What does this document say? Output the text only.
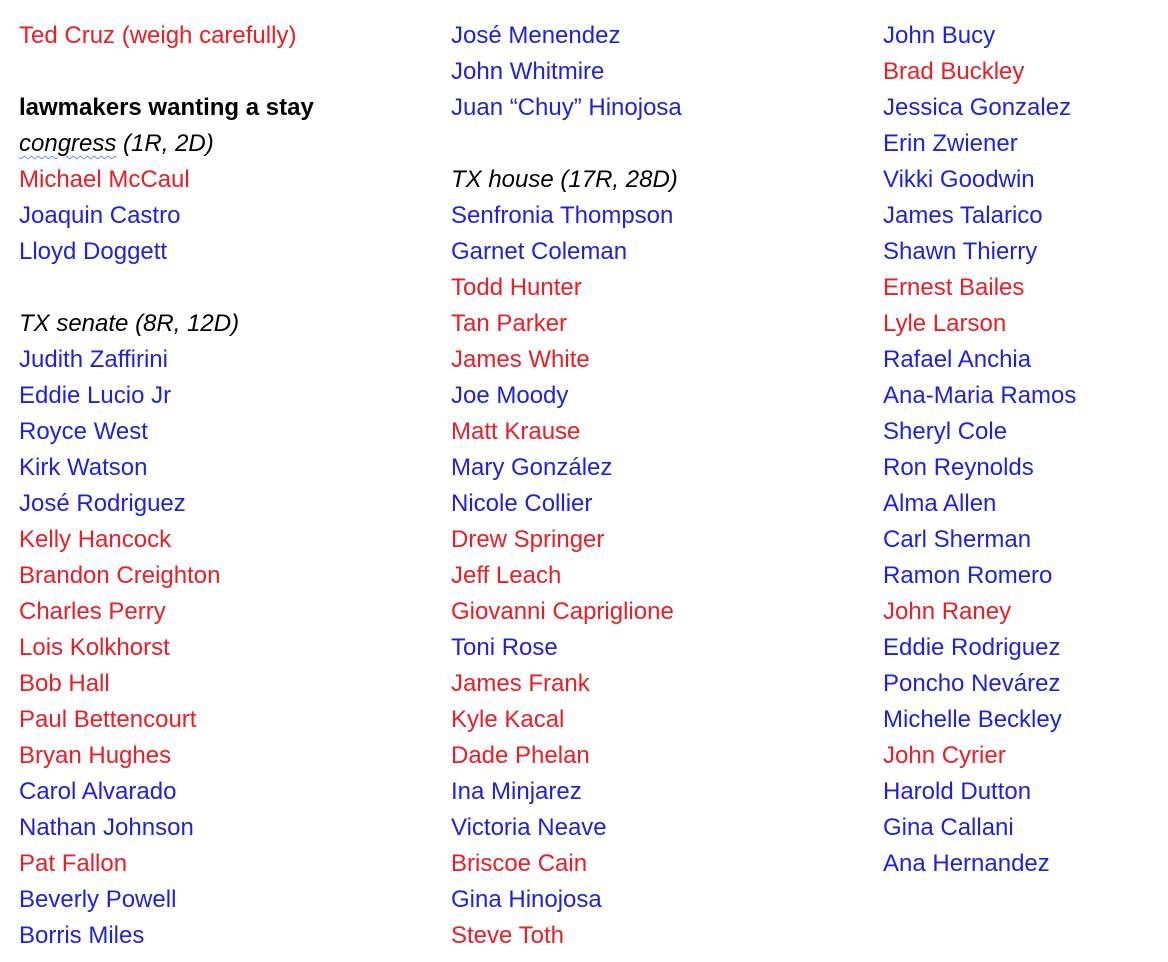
Ted Cruz (weigh carefully)
lawmakers wanting a stay
congress (1R, 2D)
Michael McCaul
Joaquin Castro
Lloyd Doggett
TX senate (8R, 12D)
Judith Zaffirini
Eddie Lucio Jr
Royce West
Kirk Watson
José Rodriguez
Kelly Hancock
Brandon Creighton
Charles Perry
Lois Kolkhorst
Bob Hall
Paul Bettencourt
Bryan Hughes
Carol Alvarado
Nathan Johnson
Pat Fallon
Beverly Powell
Borris Miles
José Menendez
John Whitmire
Juan “Chuy” Hinojosa
TX house (17R, 28D)
Senfronia Thompson
Garnet Coleman
Todd Hunter
Tan Parker
James White
Joe Moody
Matt Krause
Mary González
Nicole Collier
Drew Springer
Jeff Leach
Giovanni Capriglione
Toni Rose
James Frank
Kyle Kacal
Dade Phelan
Ina Minjarez
Victoria Neave
Briscoe Cain
Gina Hinojosa
Steve Toth
John Bucy
Brad Buckley
Jessica Gonzalez
Erin Zwiener
Vikki Goodwin
James Talarico
Shawn Thierry
Ernest Bailes
Lyle Larson
Rafael Anchia
Ana-Maria Ramos
Sheryl Cole
Ron Reynolds
Alma Allen
Carl Sherman
Ramon Romero
John Raney
Eddie Rodriguez
Poncho Nevárez
Michelle Beckley
John Cyrier
Harold Dutton
Gina Callani
Ana Hernandez
